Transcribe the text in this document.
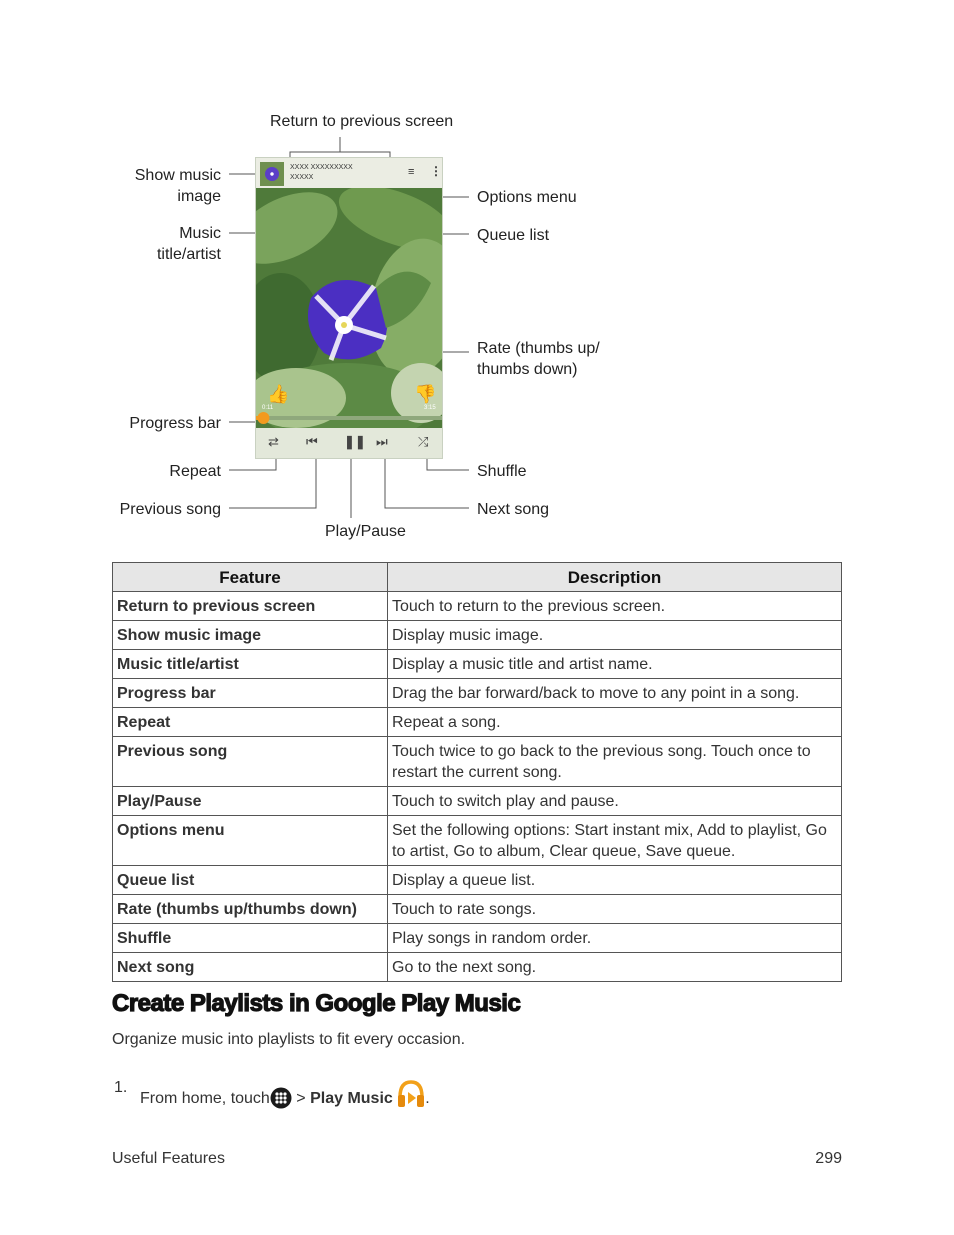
Return to previous screen
Show music
image
Music
title/artist
Options menu
Queue list
Rate (thumbs up/
thumbs down)
Progress bar
Repeat	Shuffle
Previous song	Next song
Play/Pause
👍	👎
0:11	3:15
XXXX XXXXXXXXX
XXXXX	≡ ⋮
⇄ ⏮ ❚❚ ⏭ ⤮
Feature	Description
Return to previous screen	Touch to return to the previous screen.
Show music image	Display music image.
Music title/artist	Display a music title and artist name.
Progress bar	Drag the bar forward/back to move to any point in a song.
Repeat	Repeat a song.
Previous song	Touch twice to go back to the previous song. Touch once to restart the current song.
Play/Pause	Touch to switch play and pause.
Options menu	Set the following options: Start instant mix, Add to playlist, Go to artist, Go to album, Clear queue, Save queue.
Queue list	Display a queue list.
Rate (thumbs up/thumbs down)	Touch to rate songs.
Shuffle	Play songs in random order.
Next song	Go to the next song.
Create Playlists in Google Play Music
Organize music into playlists to fit every occasion.
1.
From home, touch > Play Music .
Useful Features	299
